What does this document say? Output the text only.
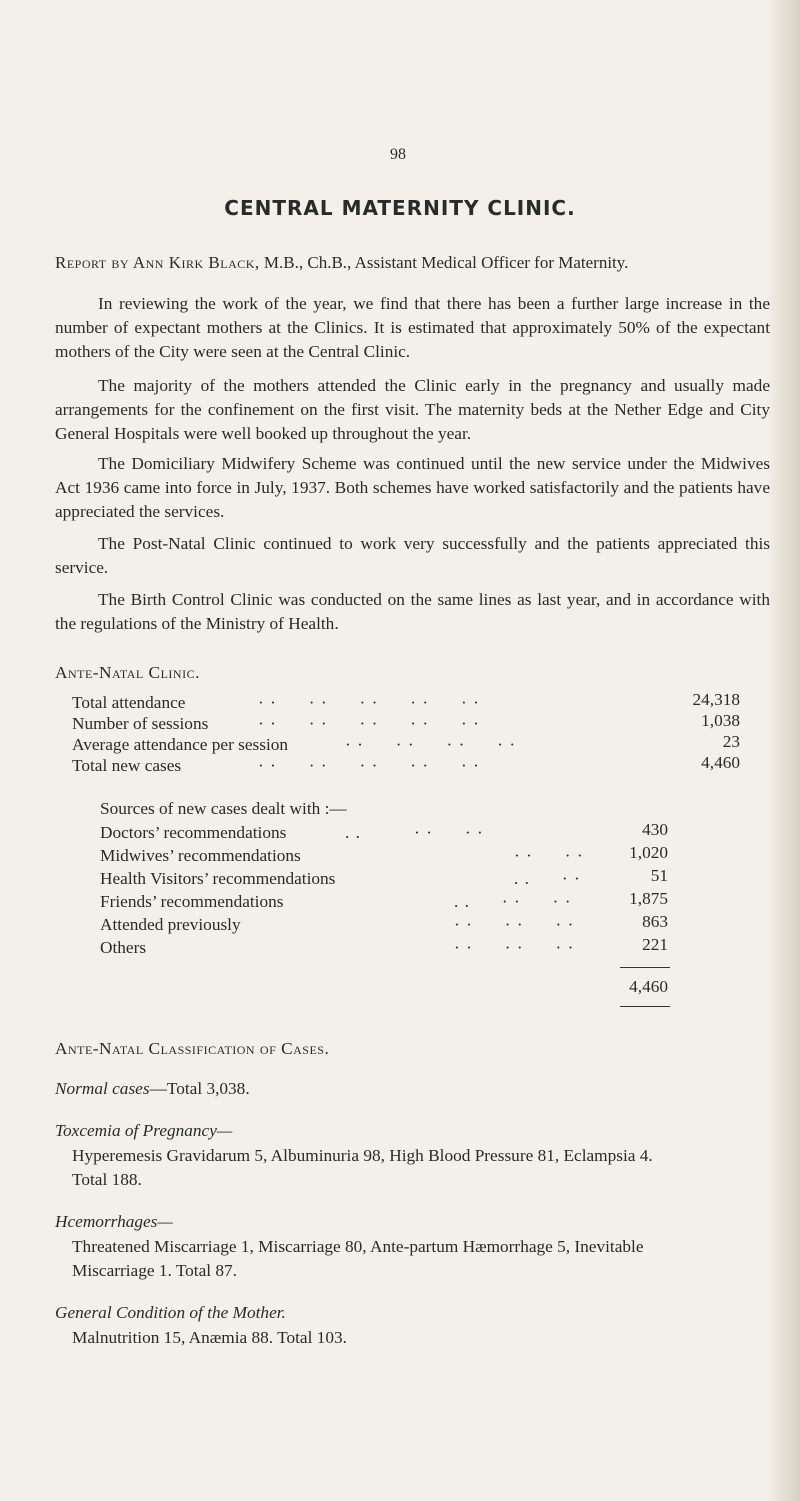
98
CENTRAL MATERNITY CLINIC.
Report by Ann Kirk Black, M.B., Ch.B., Assistant Medical Officer for Maternity.

In reviewing the work of the year, we find that there has been a further large increase in the number of expectant mothers at the Clinics. It is estimated that approximately 50% of the expectant mothers of the City were seen at the Central Clinic.

The majority of the mothers attended the Clinic early in the pregnancy and usually made arrangements for the confinement on the first visit. The maternity beds at the Nether Edge and City General Hospitals were well booked up throughout the year.

The Domiciliary Midwifery Scheme was continued until the new service under the Midwives Act 1936 came into force in July, 1937. Both schemes have worked satisfactorily and the patients have appreciated the services.

The Post-Natal Clinic continued to work very successfully and the patients appreciated this service.

The Birth Control Clinic was conducted on the same lines as last year, and in accordance with the regulations of the Ministry of Health.

Ante-Natal Clinic.
Total attendance	· ·      · ·      · ·      · ·      · ·	24,318
Number of sessions	· ·      · ·      · ·      · ·      · ·	1,038
Average attendance per session	· ·      · ·      · ·      · ·	23
Total new cases	· ·      · ·      · ·      · ·      · ·	4,460
Sources of new cases dealt with :—
Doctors’ recommendations	. .          · ·      · ·	430
Midwives’ recommendations	· ·      · ·	1,020
Health Visitors’ recommendations	. .      · ·	51
Friends’ recommendations	. .      · ·      · ·	1,875
Attended previously	· ·      · ·      · ·	863
Others	· ·      · ·      · ·	221
4,460
Ante-Natal Classification of Cases.
Normal cases—Total 3,038.
Toxcemia of Pregnancy—
Hyperemesis Gravidarum 5, Albuminuria 98, High Blood Pressure 81, Eclampsia 4.
Total 188.
Hcemorrhages—
Threatened Miscarriage 1, Miscarriage 80, Ante-partum Hæmorrhage 5, Inevitable
Miscarriage 1. Total 87.
General Condition of the Mother.
Malnutrition 15, Anæmia 88. Total 103.
